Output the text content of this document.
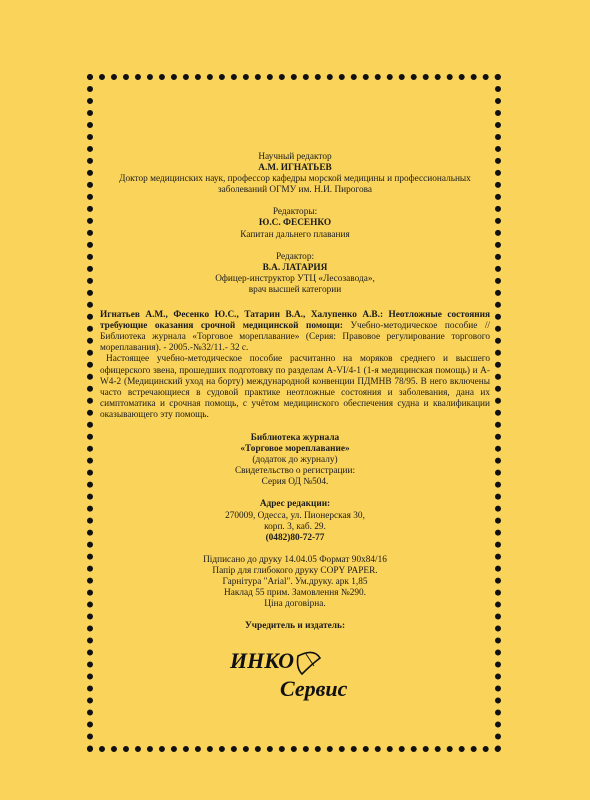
Научный редактор
А.М. ИГНАТЬЕВ
Доктор медицинских наук, профессор кафедры морской медицины и профессиональных
заболеваний ОГМУ им. Н.И. Пирогова
Редакторы:
Ю.С. ФЕСЕНКО
Капитан дальнего плавания
Редактор:
В.А. ЛАТАРИЯ
Офицер-инструктор УТЦ «Лесозавода»,
врач высшей категории

Игнатьев А.М., Фесенко Ю.С., Татарин В.А., Халупенко А.В.: Неотложные состояния требующие оказания срочной медицинской помощи: Учебно-методическое пособие // Библиотека журнала «Торговое мореплавание» (Серия: Правовое регулирование торгового мореплавания). - 2005.-№32/11.- 32 с.

Настоящее учебно-методическое пособие расчитанно на моряков среднего и высшего офицерского звена, прошедших подготовку по разделам A-VI/4-1 (1-я медицинская помощь) и A-W4-2 (Медицинский уход на борту) международной конвенции ПДМНВ 78/95. В него включены часто встречающиеся в судовой практике неотложные состояния и заболевания, дана их симптоматика и срочная помощь, с учётом медицинского обеспечения судна и квалификации оказывающего эту помощь.

Библиотека журнала
«Торговое мореплавание»
(додаток до журналу)
Свидетельство о регистрации:
Серия ОД №504.
Адрес редакции:
270009, Одесса, ул. Пионерская 30,
корп. 3, каб. 29.
(0482)80-72-77
Підписано до друку 14.04.05 Формат 90х84/16
Папір для глибокого друку COPY PAPER.
Гарнітура "Arial". Ум.друку. арк 1,85
Наклад 55 прим. Замовлення №290.
Ціна договірна.
Учредитель и издатель:
ИНКО
Сервис
